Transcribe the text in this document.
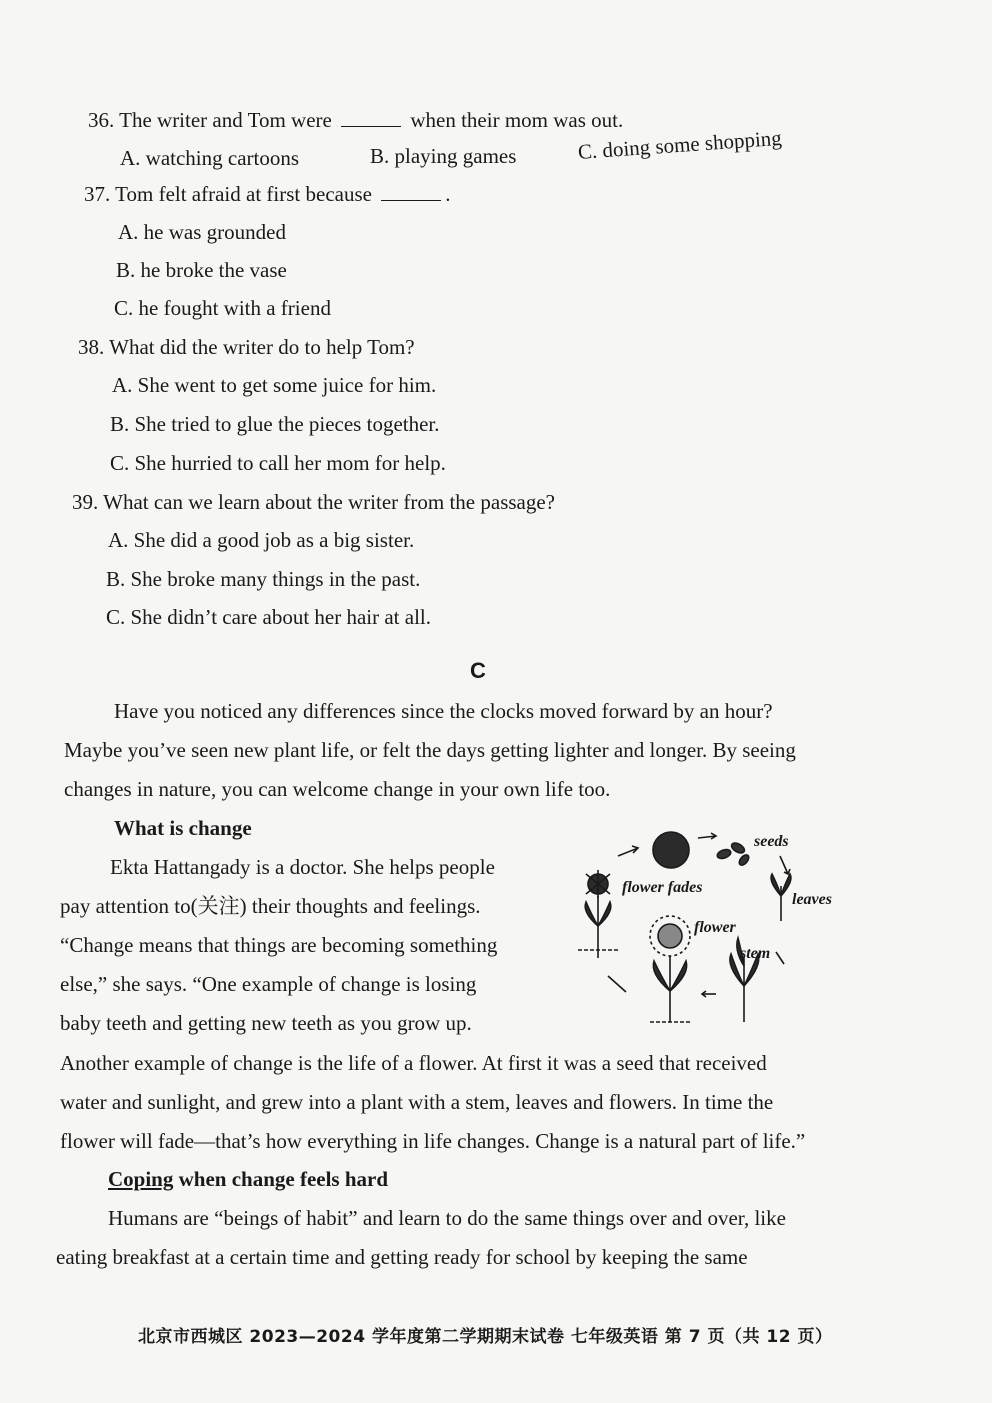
36. The writer and Tom were	when their mom was out.
A. watching cartoons	B. playing games	C. doing some shopping
37. Tom felt afraid at first because	.
A. he was grounded
B. he broke the vase
C. he fought with a friend
38. What did the writer do to help Tom?
A. She went to get some juice for him.
B. She tried to glue the pieces together.
C. She hurried to call her mom for help.
39. What can we learn about the writer from the passage?
A. She did a good job as a big sister.
B. She broke many things in the past.
C. She didn’t care about her hair at all.
C
Have you noticed any differences since the clocks moved forward by an hour?
Maybe you’ve seen new plant life, or felt the days getting lighter and longer. By seeing
changes in nature, you can welcome change in your own life too.
What is change
Ekta Hattangady is a doctor. She helps people
pay attention to(关注) their thoughts and feelings.
“Change means that things are becoming something
else,” she says. “One example of change is losing
baby teeth and getting new teeth as you grow up.
Another example of change is the life of a flower. At first it was a seed that received
water and sunlight, and grew into a plant with a stem, leaves and flowers. In time the
flower will fade—that’s how everything in life changes. Change is a natural part of life.”
Coping when change feels hard
Humans are “beings of habit” and learn to do the same things over and over, like
eating breakfast at a certain time and getting ready for school by keeping the same
seeds
leaves
flower
stem
flower fades
北京市西城区 2023—2024 学年度第二学期期末试卷 七年级英语 第 7 页（共 12 页）
